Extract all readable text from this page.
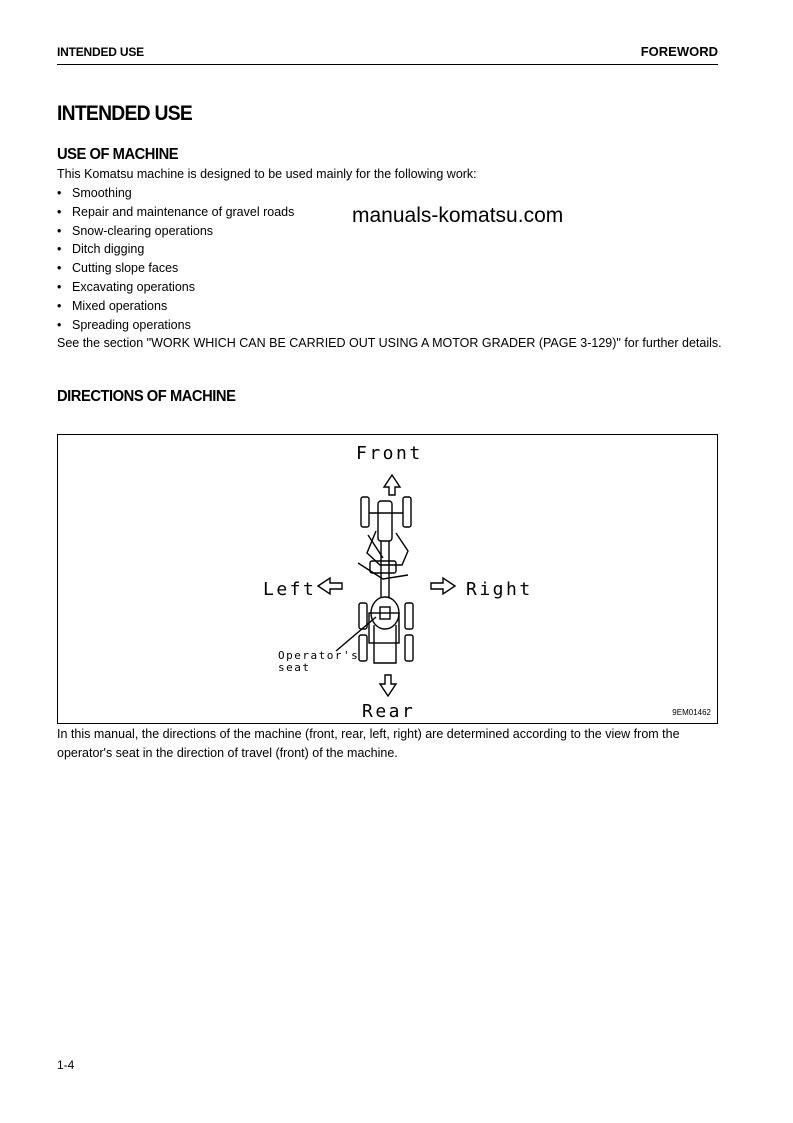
INTENDED USE	FOREWORD
INTENDED USE
USE OF MACHINE
This Komatsu machine is designed to be used mainly for the following work:
• Smoothing
• Repair and maintenance of gravel roads
• Snow-clearing operations
• Ditch digging
• Cutting slope faces
• Excavating operations
• Mixed operations
• Spreading operations
manuals-komatsu.com
See the section "WORK WHICH CAN BE CARRIED OUT USING A MOTOR GRADER (PAGE 3-129)" for further details.
DIRECTIONS OF MACHINE
Front
Left	Right
Rear
Operator's
seat
9EM01462
In this manual, the directions of the machine (front, rear, left, right) are determined according to the view from the operator's seat in the direction of travel (front) of the machine.
1-4
